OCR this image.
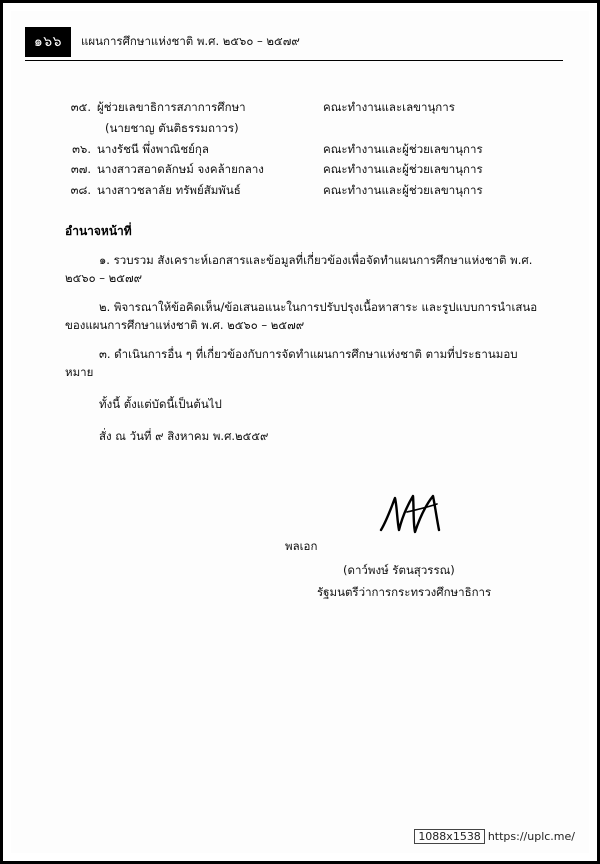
๑๖๖	แผนการศึกษาแห่งชาติ พ.ศ. ๒๕๖๐ – ๒๕๗๙
๓๕. ผู้ช่วยเลขาธิการสภาการศึกษา	คณะทำงานและเลขานุการ
(นายชาญ ตันติธรรมถาวร)
๓๖. นางรัชนี พึ่งพาณิชย์กุล	คณะทำงานและผู้ช่วยเลขานุการ
๓๗. นางสาวสอาดลักษม์ จงคล้ายกลาง	คณะทำงานและผู้ช่วยเลขานุการ
๓๘. นางสาวชลาลัย ทรัพย์สัมพันธ์	คณะทำงานและผู้ช่วยเลขานุการ
อำนาจหน้าที่

๑. รวบรวม สังเคราะห์เอกสารและข้อมูลที่เกี่ยวข้องเพื่อจัดทำแผนการศึกษาแห่งชาติ พ.ศ. ๒๕๖๐ – ๒๕๗๙

๒. พิจารณาให้ข้อคิดเห็น/ข้อเสนอแนะในการปรับปรุงเนื้อหาสาระ และรูปแบบการนำเสนอของแผนการศึกษาแห่งชาติ พ.ศ. ๒๕๖๐ – ๒๕๗๙

๓. ดำเนินการอื่น ๆ ที่เกี่ยวข้องกับการจัดทำแผนการศึกษาแห่งชาติ ตามที่ประธานมอบหมาย

ทั้งนี้ ตั้งแต่บัดนี้เป็นต้นไป

สั่ง ณ วันที่ ๙ สิงหาคม พ.ศ.๒๕๕๙

พลเอก
(ดาว์พงษ์ รัตนสุวรรณ)
รัฐมนตรีว่าการกระทรวงศึกษาธิการ
1088x1538 https://uplc.me/
